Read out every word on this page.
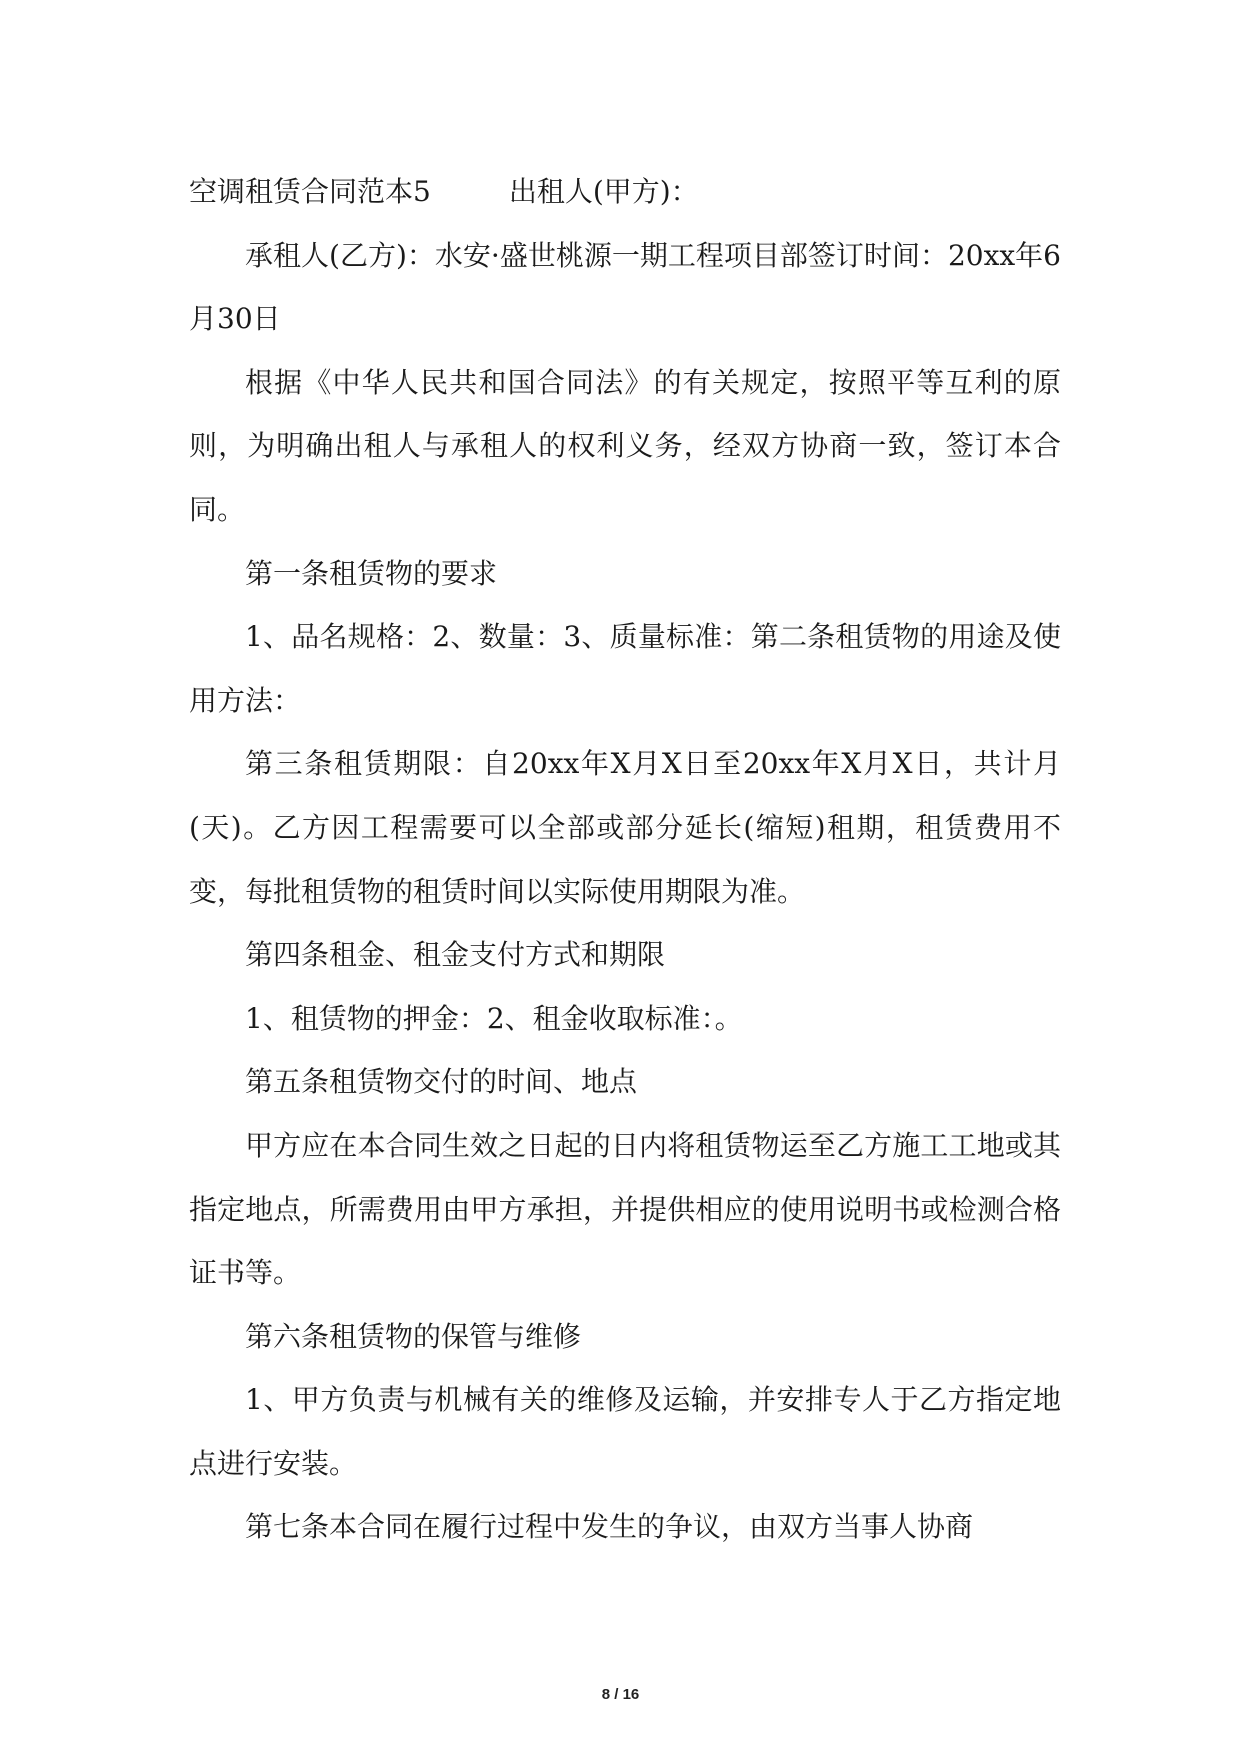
空调租赁合同范本5	出租人(甲方)：

承租人(乙方)：水安·盛世桃源一期工程项目部签订时间：20xx年6月30日

根据《中华人民共和国合同法》的有关规定，按照平等互利的原则，为明确出租人与承租人的权利义务，经双方协商一致，签订本合同。

第一条租赁物的要求

1、品名规格：2、数量：3、质量标准：第二条租赁物的用途及使用方法：

第三条租赁期限：自20xx年X月X日至20xx年X月X日，共计月(天)。乙方因工程需要可以全部或部分延长(缩短)租期，租赁费用不变，每批租赁物的租赁时间以实际使用期限为准。

第四条租金、租金支付方式和期限

1、租赁物的押金：2、租金收取标准：。

第五条租赁物交付的时间、地点

甲方应在本合同生效之日起的日内将租赁物运至乙方施工工地或其指定地点，所需费用由甲方承担，并提供相应的使用说明书或检测合格证书等。

第六条租赁物的保管与维修

1、甲方负责与机械有关的维修及运输，并安排专人于乙方指定地点进行安装。

第七条本合同在履行过程中发生的争议，由双方当事人协商

8 / 16
